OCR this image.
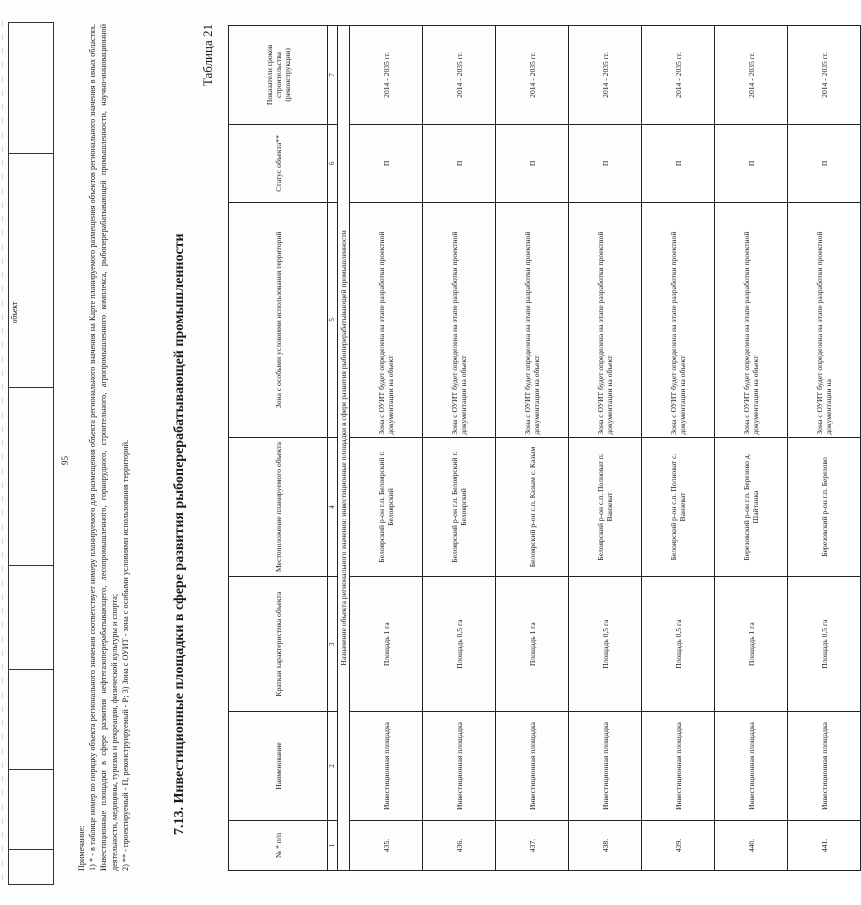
объект
95
Примечание: 1) * - в таблице номер по порядку объекта регионального значения соответствует номеру планируемого для размещения объекта регионального значения на Карте планируемого размещения объектов регионального значения в иных областях. Инвестиционные площадки в сфере развития нефтегазоперерабатывающего, лесопромышленного, горнорудного, строительного, агропромышленного комплекса, рыбоперерабатывающей промышленности, научно-инновационной деятельности, медицины, туризма и рекреации, физической культуры и спорта; 2) ** - проектируемый - П, реконструируемый - Р; 3) Зона с ОУИТ - зона с особыми условиями использования территорий.	7.13. Инвестиционные площадки в сфере развития рыбоперерабатывающей промышленности
Таблица 21
№ * п/п	Наименование	Краткая характеристика объекта	Местоположение планируемого объекта	Зона с особыми условиями использования территорий	Статус объекта**	Показатели сроков строительства (реконструкции)
1	2	3	4	5	6	7
Назначение объекта регионального значения: инвестиционные площадки в сфере развития рыбоперерабатывающей промышленности						
435.	Инвестиционная площадка	Площадь 1 га	Белоярский р-он г.п. Белоярский г. Белоярский	Зона с ОУИТ будет определена на этапе разработки проектной документации на объект	П	2014 - 2035 гг.
436.	Инвестиционная площадка	Площадь 0,5 га	Белоярский р-он г.п. Белоярский г. Белоярский	Зона с ОУИТ будет определена на этапе разработки проектной документации на объект	П	2014 - 2035 гг.
437.	Инвестиционная площадка	Площадь 1 га	Белоярский р-он с.п. Казым с. Казым	Зона с ОУИТ будет определена на этапе разработки проектной документации на объект	П	2014 - 2035 гг.
438.	Инвестиционная площадка	Площадь 0,5 га	Белоярский р-он с.п. Полноват п. Ванзеват	Зона с ОУИТ будет определена на этапе разработки проектной документации на объект	П	2014 - 2035 гг.
439.	Инвестиционная площадка	Площадь 0,5 га	Белоярский р-он с.п. Полноват с. Ванзеват	Зона с ОУИТ будет определена на этапе разработки проектной документации на объект	П	2014 - 2035 гг.
440.	Инвестиционная площадка	Площадь 1 га	Березовский р-он г.п. Березово д. Шайтанка	Зона с ОУИТ будет определена на этапе разработки проектной документации на объект	П	2014 - 2035 гг.
441.	Инвестиционная площадка	Площадь 0,5 га	Березовский р-он г.п. Березово	Зона с ОУИТ будет определена на этапе разработки проектной документации на	П	2014 - 2035 гг.
